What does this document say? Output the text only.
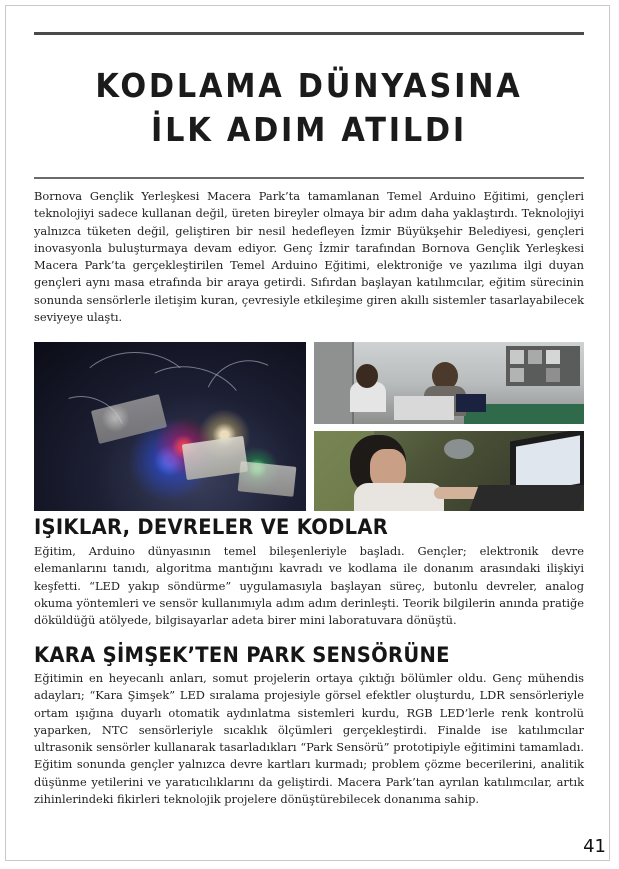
KODLAMA DÜNYASINA
İLK ADIM ATILDI

Bornova Gençlik Yerleşkesi Macera Park’ta tamamlanan Temel Arduino Eğitimi, gençleri teknolojiyi sadece kullanan değil, üreten bireyler olmaya bir adım daha yaklaştırdı. Teknolojiyi yalnızca tüketen değil, geliştiren bir nesil hedefleyen İzmir Büyükşehir Belediyesi, gençleri inovasyonla buluşturmaya devam ediyor. Genç İzmir tarafından Bornova Gençlik Yerleşkesi Macera Park’ta gerçekleştirilen Temel Arduino Eğitimi, elektroniğe ve yazılıma ilgi duyan gençleri aynı masa etrafında bir araya getirdi. Sıfırdan başlayan katılımcılar, eğitim sürecinin sonunda sensörlerle iletişim kuran, çevresiyle etkileşime giren akıllı sistemler tasarlayabilecek seviyeye ulaştı.

IŞIKLAR, DEVRELER VE KODLAR

Eğitim, Arduino dünyasının temel bileşenleriyle başladı. Gençler; elektronik devre elemanlarını tanıdı, algoritma mantığını kavradı ve kodlama ile donanım arasındaki ilişkiyi keşfetti. “LED yakıp söndürme” uygulamasıyla başlayan süreç, butonlu devreler, analog okuma yöntemleri ve sensör kullanımıyla adım adım derinleşti. Teorik bilgilerin anında pratiğe döküldüğü atölyede, bilgisayarlar adeta birer mini laboratuvara dönüştü.

KARA ŞİMŞEK’TEN PARK SENSÖRÜNE

Eğitimin en heyecanlı anları, somut projelerin ortaya çıktığı bölümler oldu. Genç mühendis adayları; “Kara Şimşek” LED sıralama projesiyle görsel efektler oluşturdu, LDR sensörleriyle ortam ışığına duyarlı otomatik aydınlatma sistemleri kurdu, RGB LED’lerle renk kontrolü yaparken, NTC sensörleriyle sıcaklık ölçümleri gerçekleştirdi. Finalde ise katılımcılar ultrasonik sensörler kullanarak tasarladıkları “Park Sensörü” prototipiyle eğitimini tamamladı. Eğitim sonunda gençler yalnızca devre kartları kurmadı; problem çözme becerilerini, analitik düşünme yetilerini ve yaratıcılıklarını da geliştirdi. Macera Park’tan ayrılan katılımcılar, artık zihinlerindeki fikirleri teknolojik projelere dönüştürebilecek donanıma sahip.

41
